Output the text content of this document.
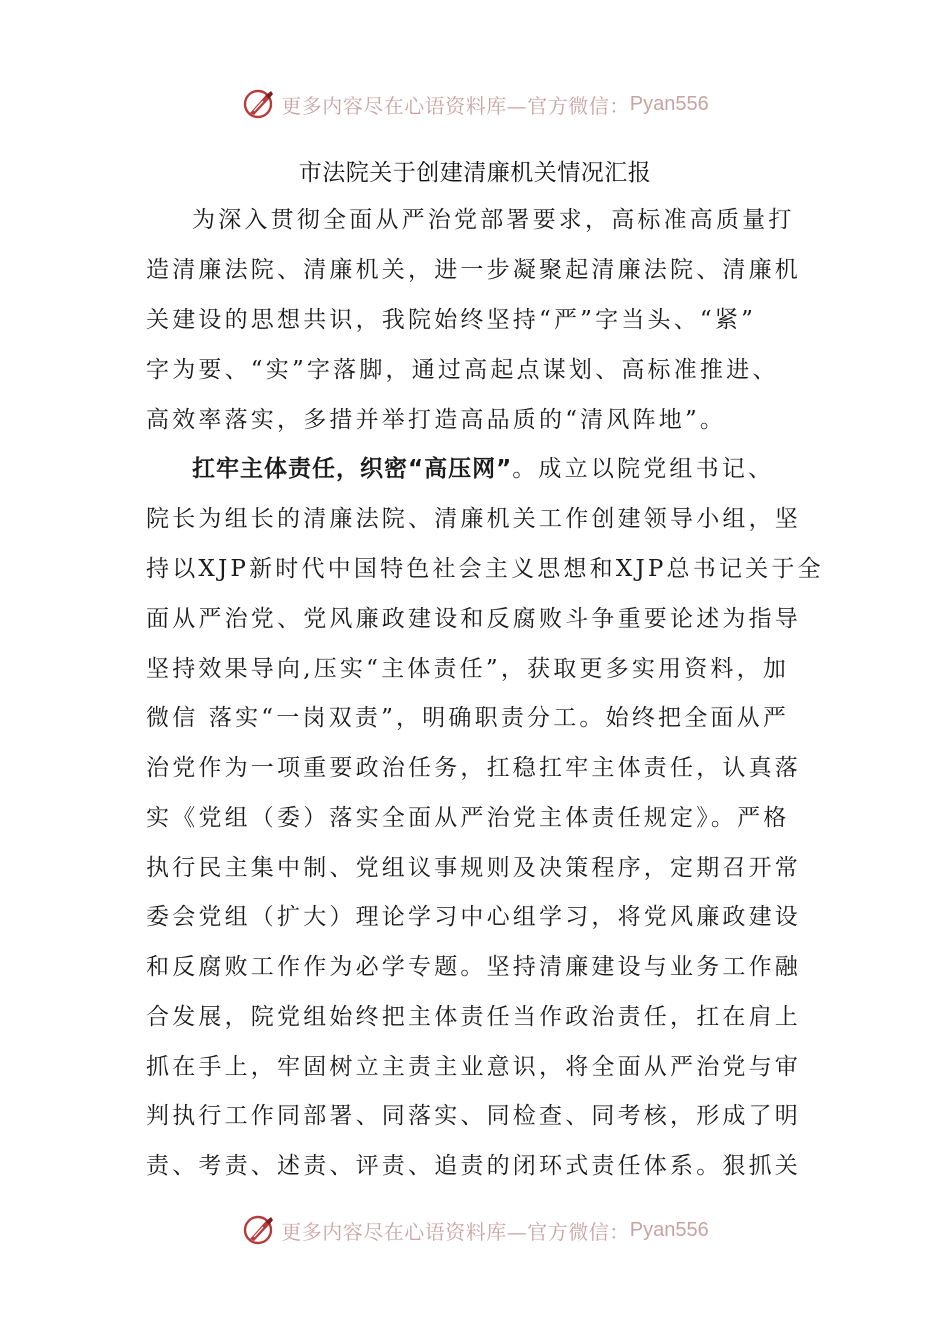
更多内容尽在心语资料库—官方微信： Pyan556
市法院关于创建清廉机关情况汇报
为深入贯彻全面从严治党部署要求，高标准高质量打
造清廉法院、清廉机关，进一步凝聚起清廉法院、清廉机
关建设的思想共识，我院始终坚持“严”字当头、“紧”
字为要、“实”字落脚，通过高起点谋划、高标准推进、
高效率落实，多措并举打造高品质的“清风阵地”。
扛牢主体责任，织密“高压网”。成立以院党组书记、
院长为组长的清廉法院、清廉机关工作创建领导小组，坚
持以XJP新时代中国特色社会主义思想和XJP总书记关于全
面从严治党、党风廉政建设和反腐败斗争重要论述为指导
坚持效果导向,压实“主体责任”，获取更多实用资料，加
微信 落实“一岗双责”，明确职责分工。始终把全面从严
治党作为一项重要政治任务，扛稳扛牢主体责任，认真落
实《党组（委）落实全面从严治党主体责任规定》。严格
执行民主集中制、党组议事规则及决策程序，定期召开常
委会党组（扩大）理论学习中心组学习，将党风廉政建设
和反腐败工作作为必学专题。坚持清廉建设与业务工作融
合发展，院党组始终把主体责任当作政治责任，扛在肩上
抓在手上，牢固树立主责主业意识，将全面从严治党与审
判执行工作同部署、同落实、同检查、同考核，形成了明
责、考责、述责、评责、追责的闭环式责任体系。狠抓关
更多内容尽在心语资料库—官方微信： Pyan556
